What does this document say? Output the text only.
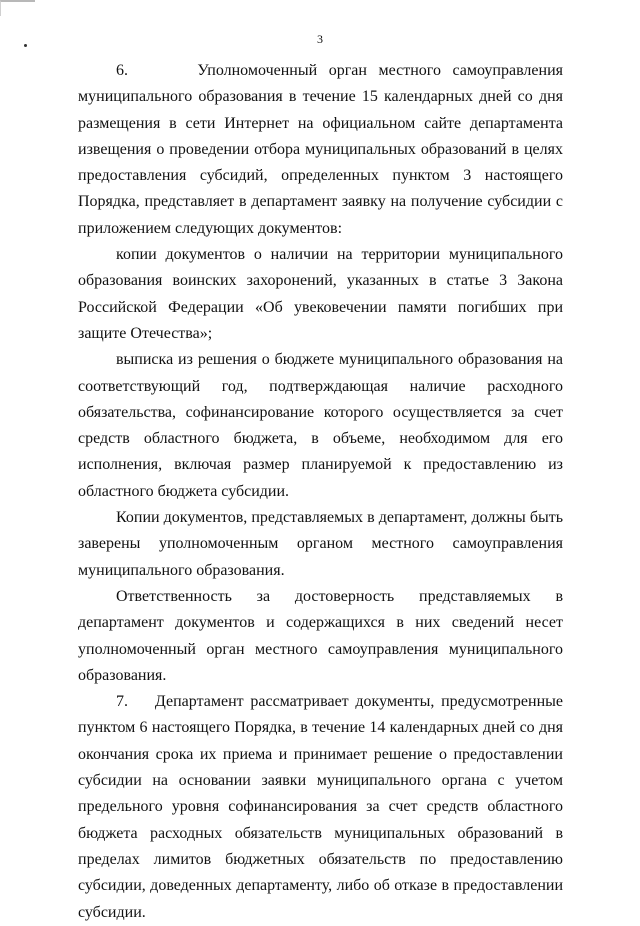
3

6.      Уполномоченный орган местного самоуправления муниципального образования в течение 15 календарных дней со дня размещения в сети Интернет на официальном сайте департамента извещения о проведении отбора муниципальных образований в целях предоставления субсидий, определенных пунктом 3 настоящего Порядка, представляет в департамент заявку на получение субсидии с приложением следующих документов:

копии документов о наличии на территории муниципального образования воинских захоронений, указанных в статье 3 Закона Российской Федерации «Об увековечении памяти погибших при защите Отечества»;

выписка из решения о бюджете муниципального образования на соответствующий год, подтверждающая наличие расходного обязательства, софинансирование которого осуществляется за счет средств областного бюджета, в объеме, необходимом для его исполнения, включая размер планируемой к предоставлению из областного бюджета субсидии.

Копии документов, представляемых в департамент, должны быть заверены уполномоченным органом местного самоуправления муниципального образования.

Ответственность за достоверность представляемых в департамент документов и содержащихся в них сведений несет уполномоченный орган местного самоуправления муниципального образования.

7.    Департамент рассматривает документы, предусмотренные пунктом 6 настоящего Порядка, в течение 14 календарных дней со дня окончания срока их приема и принимает решение о предоставлении субсидии на основании заявки муниципального органа с учетом предельного уровня софинансирования за счет средств областного бюджета расходных обязательств муниципальных образований в пределах лимитов бюджетных обязательств по предоставлению субсидии, доведенных департаменту, либо об отказе в предоставлении субсидии.
